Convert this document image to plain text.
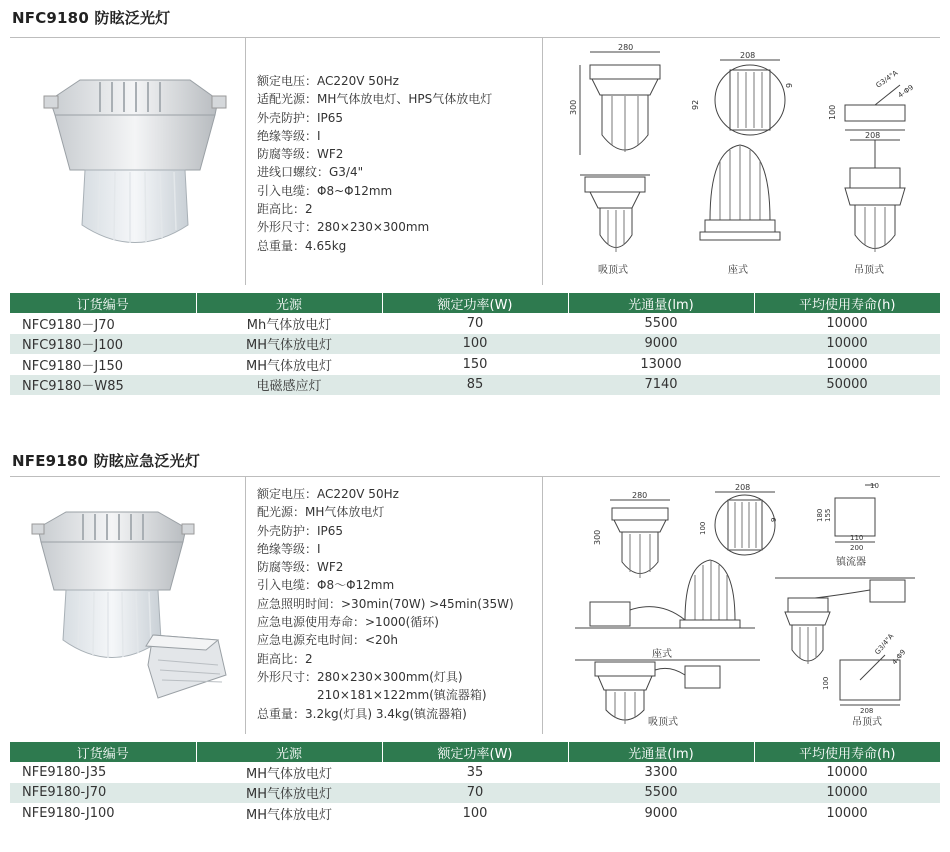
NFC9180 防眩泛光灯
额定电压：AC220V 50Hz
适配光源：MH气体放电灯、HPS气体放电灯
外壳防护：IP65
绝缘等级：I
防腐等级：WF2
进线口螺纹：G3/4"
引入电缆：Φ8~Φ12mm
距高比：2
外形尺寸：280×230×300mm
总重量：4.65kg
280
300
208
92
9
100
208
G3/4"A
4-Φ9
吸顶式	座式	吊顶式
订货编号	光源	额定功率(W)	光通量(lm)	平均使用寿命(h)
NFC9180－J70	Mh气体放电灯	70	5500	10000
NFC9180－J100	MH气体放电灯	100	9000	10000
NFC9180－J150	MH气体放电灯	150	13000	10000
NFC9180－W85	电磁感应灯	85	7140	50000
NFE9180 防眩应急泛光灯
额定电压：AC220V 50Hz
配光源：MH气体放电灯
外壳防护：IP65
绝缘等级：I
防腐等级：WF2
引入电缆：Φ8～Φ12mm
应急照明时间：>30min(70W) >45min(35W)
应急电源使用寿命：>1000(循环)
应急电源充电时间：<20h
距高比：2
外形尺寸：280×230×300mm(灯具)
　　　　　210×181×122mm(镇流器箱)
总重量：3.2kg(灯具) 3.4kg(镇流器箱)
280
300
208
100
9
10
180 155
110
200
100
208
G3/4"A
4-Φ9
镇流器
座式
吸顶式	吊顶式
订货编号	光源	额定功率(W)	光通量(lm)	平均使用寿命(h)
NFE9180-J35	MH气体放电灯	35	3300	10000
NFE9180-J70	MH气体放电灯	70	5500	10000
NFE9180-J100	MH气体放电灯	100	9000	10000
